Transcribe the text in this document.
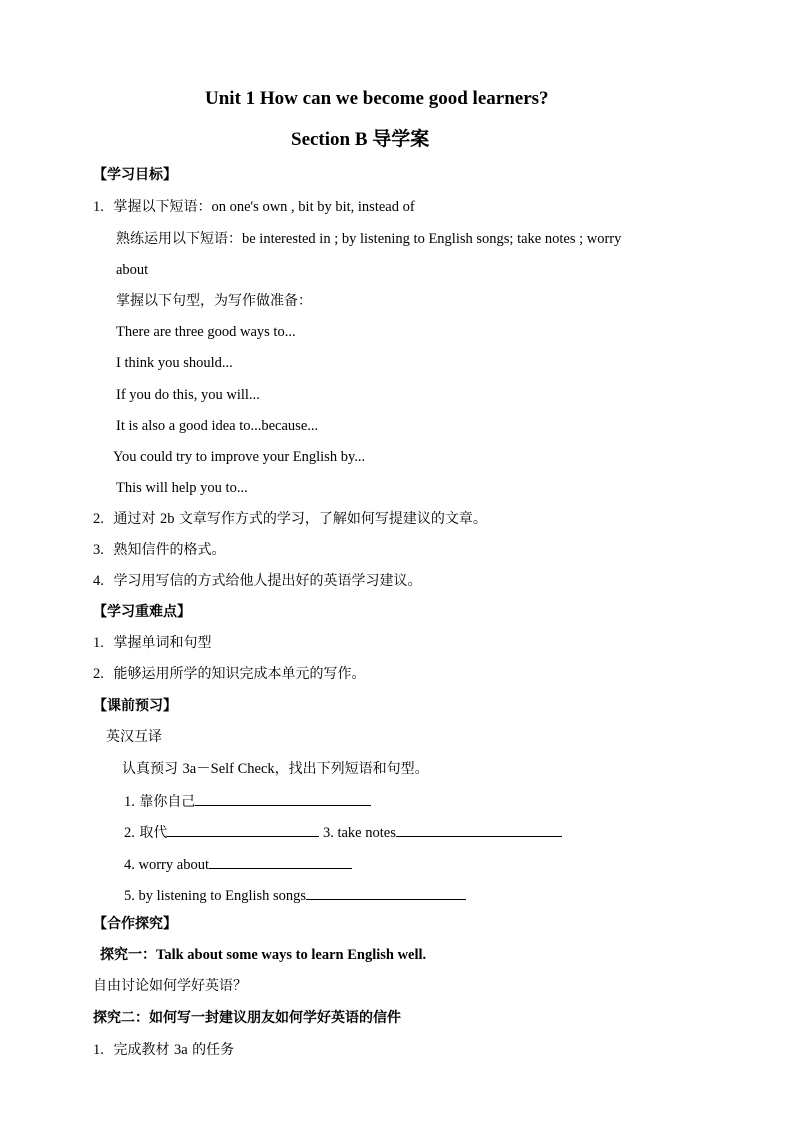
Unit 1 How can we become good learners?
Section B 导学案
【学习目标】
1. 掌握以下短语：on one's own , bit by bit, instead of
熟练运用以下短语：be interested in ; by listening to English songs; take notes ; worry
about
掌握以下句型，为写作做准备：
There are three good ways to...
I think you should...
If you do this, you will...
It is also a good idea to...because...
You could try to improve your English by...
This will help you to...
2. 通过对 2b 文章写作方式的学习，了解如何写提建议的文章。
3. 熟知信件的格式。
4. 学习用写信的方式给他人提出好的英语学习建议。
【学习重难点】
1. 掌握单词和句型
2. 能够运用所学的知识完成本单元的写作。
【课前预习】
英汉互译
认真预习 3a－Self Check，找出下列短语和句型。
1. 靠你自己
2. 取代	3. take notes
4. worry about
5. by listening to English songs
【合作探究】
探究一：Talk about some ways to learn English well.
自由讨论如何学好英语？
探究二：如何写一封建议朋友如何学好英语的信件
1. 完成教材 3a 的任务
